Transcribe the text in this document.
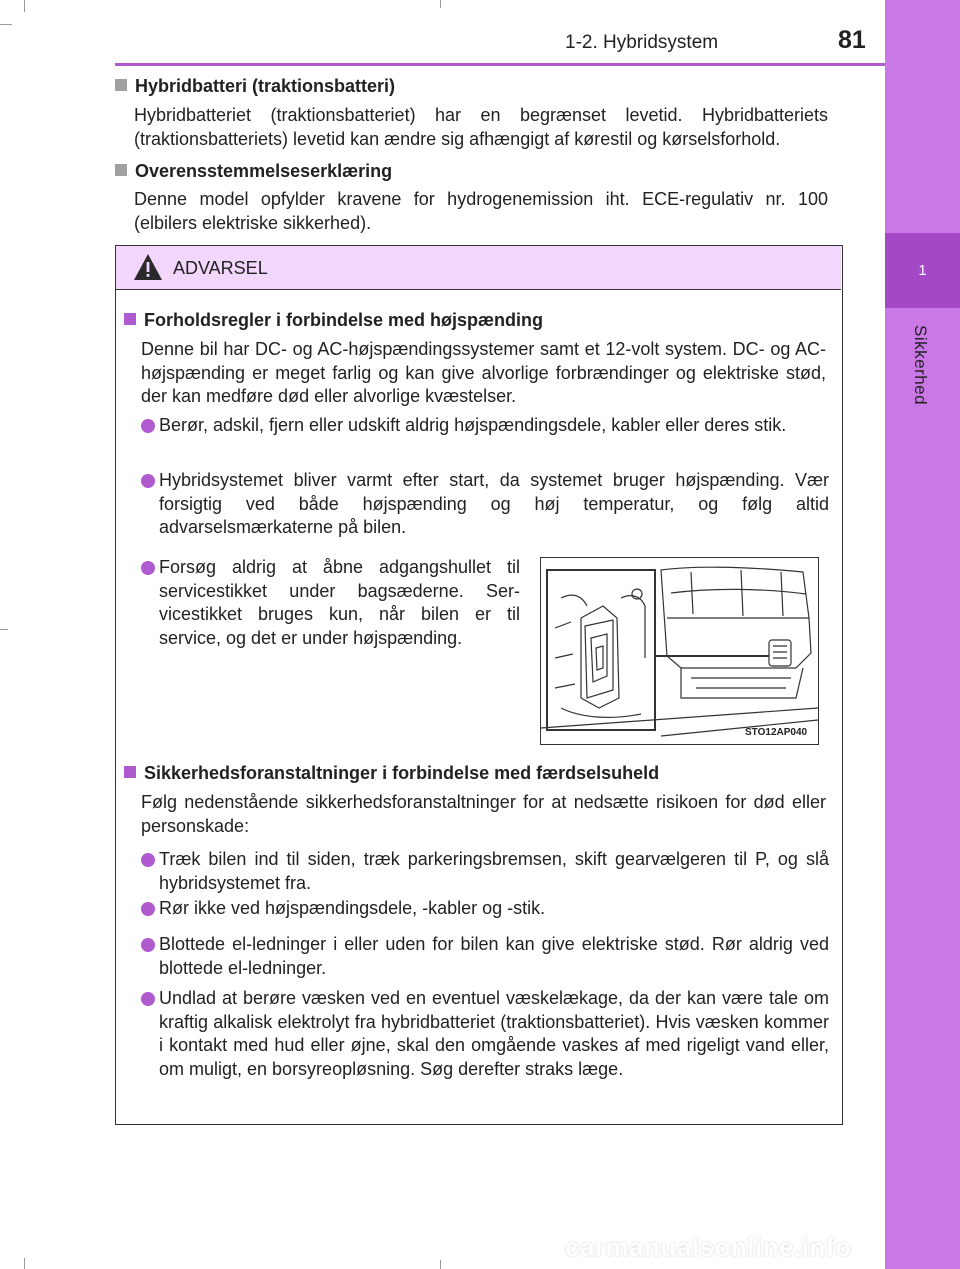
1
Sikkerhed
1-2. Hybridsystem	81
Hybridbatteri (traktionsbatteri)
Hybridbatteriet (traktionsbatteriet) har en begrænset levetid. Hybridbatteriets (traktionsbatteriets) levetid kan ændre sig afhængigt af kørestil og kørselsforhold.
Overensstemmelseserklæring
Denne model opfylder kravene for hydrogenemission iht. ECE-regulativ nr. 100 (elbilers elektriske sikkerhed).
ADVARSEL
Forholdsregler i forbindelse med højspænding
Denne bil har DC- og AC-højspændingssystemer samt et 12-volt system. DC- og AC-højspænding er meget farlig og kan give alvorlige forbrændinger og elektriske stød, der kan medføre død eller alvorlige kvæstelser.
Berør, adskil, fjern eller udskift aldrig højspændingsdele, kabler eller deres stik.
Hybridsystemet bliver varmt efter start, da systemet bruger højspænding. Vær forsigtig ved både højspænding og høj temperatur, og følg altid advarselsmærkaterne på bilen.
Forsøg aldrig at åbne adgangshullet til servicestikket under bagsæderne. Ser-vicestikket bruges kun, når bilen er til service, og det er under højspænding.
STO12AP040
Sikkerhedsforanstaltninger i forbindelse med færdselsuheld
Følg nedenstående sikkerhedsforanstaltninger for at nedsætte risikoen for død eller personskade:
Træk bilen ind til siden, træk parkeringsbremsen, skift gearvælgeren til P, og slå hybridsystemet fra.
Rør ikke ved højspændingsdele, -kabler og -stik.
Blottede el-ledninger i eller uden for bilen kan give elektriske stød. Rør aldrig ved blottede el-ledninger.
Undlad at berøre væsken ved en eventuel væskelækage, da der kan være tale om kraftig alkalisk elektrolyt fra hybridbatteriet (traktionsbatteriet). Hvis væsken kommer i kontakt med hud eller øjne, skal den omgående vaskes af med rigeligt vand eller, om muligt, en borsyreopløsning. Søg derefter straks læge.
carmanualsonline.info
